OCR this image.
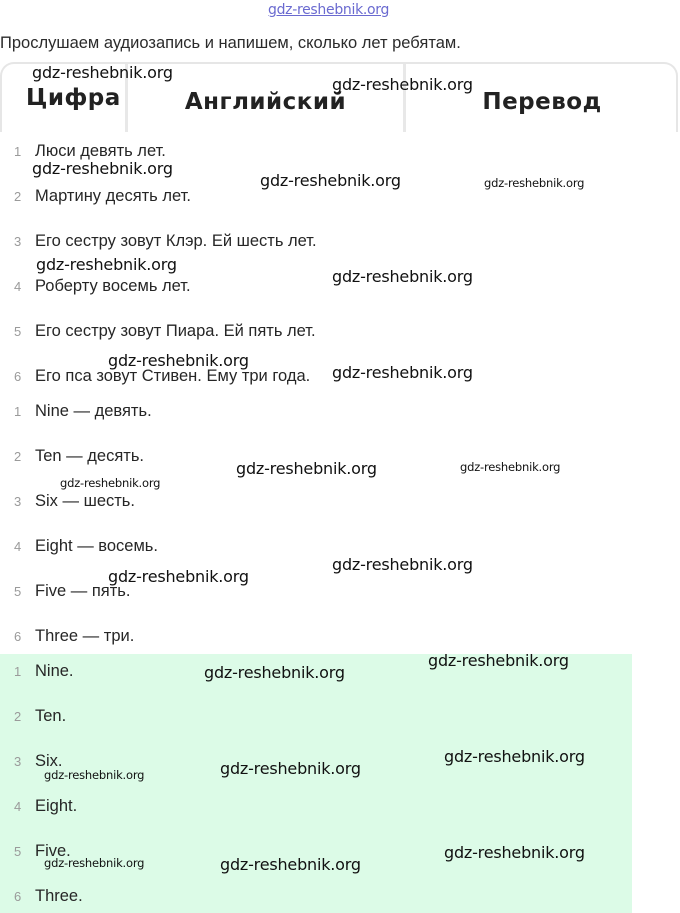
gdz-reshebnik.org
Прослушаем аудиозапись и напишем, сколько лет ребятам.
Цифра	Английский	Перевод
1 Люси девять лет.
2 Мартину десять лет.
3 Его сестру зовут Клэр. Ей шесть лет.
4 Роберту восемь лет.
5 Его сестру зовут Пиара. Ей пять лет.
6 Его пса зовут Стивен. Ему три года.
1 Nine — девять.
2 Ten — десять.
3 Six — шесть.
4 Eight — восемь.
5 Five — пять.
6 Three — три.
1 Nine.
2 Ten.
3 Six.
4 Eight.
5 Five.
6 Three.
gdz-reshebnik.org
gdz-reshebnik.org
gdz-reshebnik.org
gdz-reshebnik.org	gdz-reshebnik.org
gdz-reshebnik.org
gdz-reshebnik.org
gdz-reshebnik.org
gdz-reshebnik.org
gdz-reshebnik.org	gdz-reshebnik.org
gdz-reshebnik.org
gdz-reshebnik.org
gdz-reshebnik.org
gdz-reshebnik.org
gdz-reshebnik.org
gdz-reshebnik.org
gdz-reshebnik.org
gdz-reshebnik.org
gdz-reshebnik.org
gdz-reshebnik.org	gdz-reshebnik.org
